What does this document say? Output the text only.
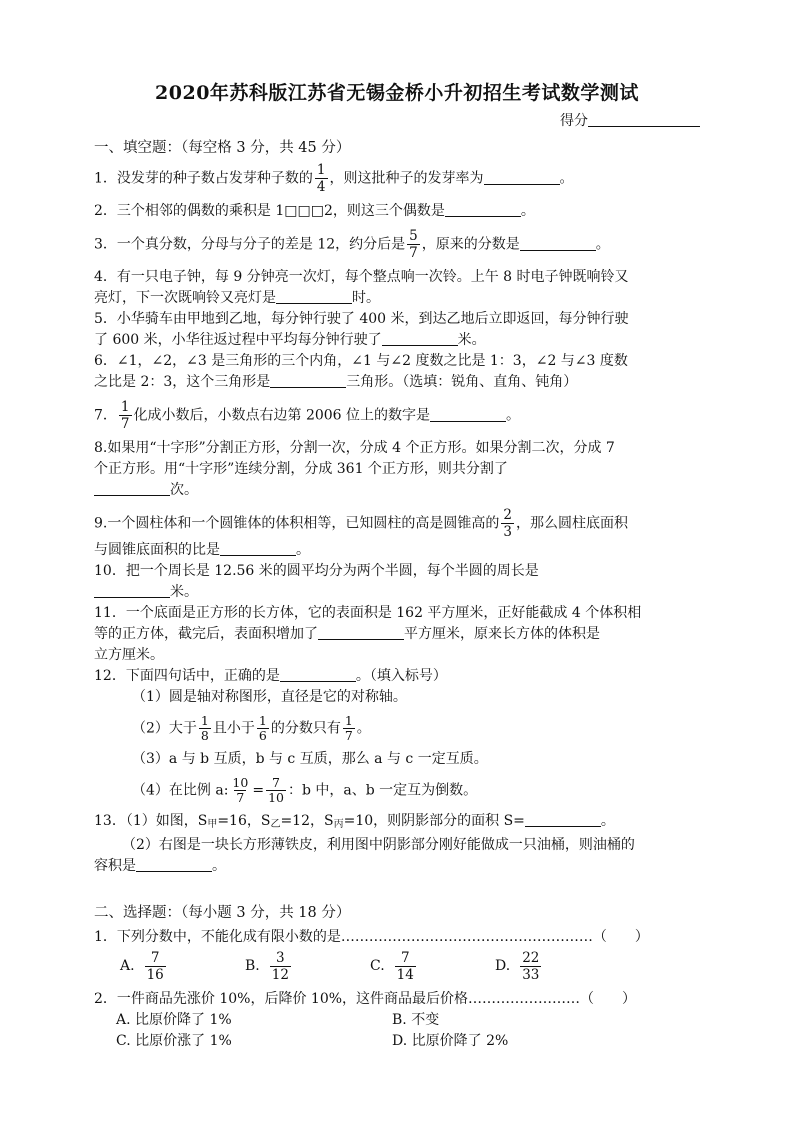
2020年苏科版江苏省无锡金桥小升初招生考试数学测试
得分
一、填空题：（每空格 3 分，共 45 分）

1．没发芽的种子数占发芽种子数的 $\frac{1}{4}$ ，则这批种子的发芽率为	。

2．三个相邻的偶数的乘积是 1□□□2，则这三个偶数是	。

3．一个真分数，分母与分子的差是 12，约分后是 $\frac{5}{7}$ ，原来的分数是	。

4．有一只电子钟，每 9 分钟亮一次灯，每个整点响一次铃。上午 8 时电子钟既响铃又

亮灯，下一次既响铃又亮灯是	时。

5．小华骑车由甲地到乙地，每分钟行驶了 400 米，到达乙地后立即返回，每分钟行驶

了 600 米，小华往返过程中平均每分钟行驶了	米。

6．∠1，∠2，∠3 是三角形的三个内角，∠1 与∠2 度数之比是 1：3，∠2 与∠3 度数

之比是 2：3，这个三角形是	三角形。（选填：锐角、直角、钝角）

7． $\frac{1}{7}$ 化成小数后，小数点右边第 2006 位上的数字是	。

8.如果用“十字形”分割正方形，分割一次，分成 4 个正方形。如果分割二次，分成 7

个正方形。用“十字形”连续分割，分成 361 个正方形，则共分割了

次。

9.一个圆柱体和一个圆锥体的体积相等，已知圆柱的高是圆锥高的 $\frac{2}{3}$ ，那么圆柱底面积

与圆锥底面积的比是	。

10．把一个周长是 12.56 米的圆平均分为两个半圆，每个半圆的周长是

米。

11．一个底面是正方形的长方体，它的表面积是 162 平方厘米，正好能截成 4 个体积相

等的正方体，截完后，表面积增加了	平方厘米，原来长方体的体积是

立方厘米。

12．下面四句话中，正确的是	。（填入标号）

（1）圆是轴对称图形，直径是它的对称轴。

（2）大于 $\frac{1}{8}$ 且小于 $\frac{1}{6}$ 的分数只有 $\frac{1}{7}$ 。

（3）a 与 b 互质，b 与 c 互质，那么 a 与 c 一定互质。

（4）在比例 a: $\frac{10}{7} = \frac{7}{10}$ ：b 中，a、b 一定互为倒数。

13．（1）如图，$S_甲=16$，$S_乙=12$，$S_丙=10$，则阴影部分的面积 S=	。

（2）右图是一块长方形薄铁皮，利用图中阴影部分刚好能做成一只油桶，则油桶的

容积是	。

二、选择题：（每小题 3 分，共 18 分）

1．下列分数中，不能化成有限小数的是………………………………………………（　　）

A. $\frac{7}{16}$	B. $\frac{3}{12}$	C. $\frac{7}{14}$	D. $\frac{22}{33}$

2．一件商品先涨价 10%，后降价 10%，这件商品最后价格……………………（　　）

A. 比原价降了 1%	B. 不变
C. 比原价涨了 1%	D. 比原价降了 2%
